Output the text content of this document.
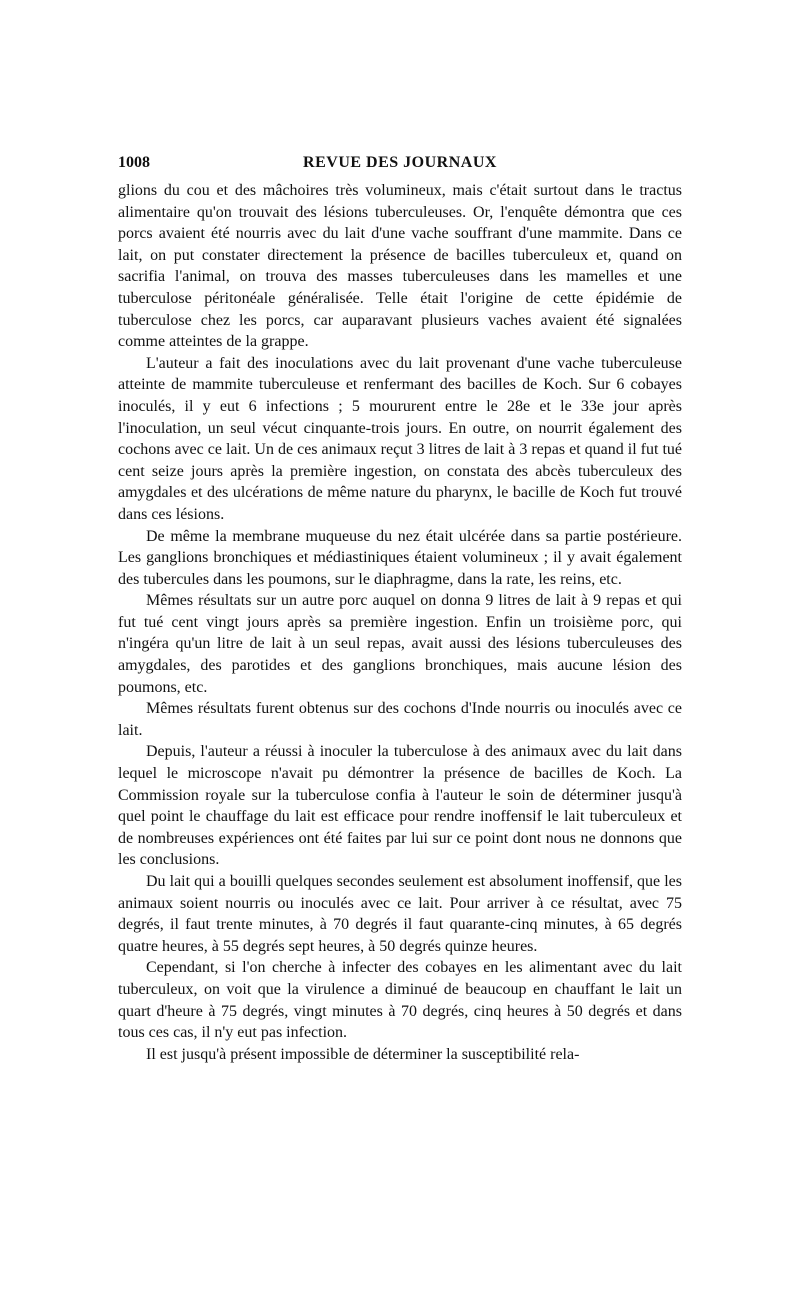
1008	REVUE DES JOURNAUX

glions du cou et des mâchoires très volumineux, mais c'était surtout dans le tractus alimentaire qu'on trouvait des lésions tuberculeuses. Or, l'enquête démontra que ces porcs avaient été nourris avec du lait d'une vache souffrant d'une mammite. Dans ce lait, on put constater directement la présence de bacilles tuberculeux et, quand on sacrifia l'animal, on trouva des masses tuberculeuses dans les mamelles et une tuberculose péritonéale généralisée. Telle était l'origine de cette épidémie de tuberculose chez les porcs, car auparavant plusieurs vaches avaient été signalées comme atteintes de la grappe.

L'auteur a fait des inoculations avec du lait provenant d'une vache tuberculeuse atteinte de mammite tuberculeuse et renfermant des bacilles de Koch. Sur 6 cobayes inoculés, il y eut 6 infections ; 5 moururent entre le 28e et le 33e jour après l'inoculation, un seul vécut cinquante-trois jours. En outre, on nourrit également des cochons avec ce lait. Un de ces animaux reçut 3 litres de lait à 3 repas et quand il fut tué cent seize jours après la première ingestion, on constata des abcès tuberculeux des amygdales et des ulcérations de même nature du pharynx, le bacille de Koch fut trouvé dans ces lésions.

De même la membrane muqueuse du nez était ulcérée dans sa partie postérieure. Les ganglions bronchiques et médiastiniques étaient volumineux ; il y avait également des tubercules dans les poumons, sur le diaphragme, dans la rate, les reins, etc.

Mêmes résultats sur un autre porc auquel on donna 9 litres de lait à 9 repas et qui fut tué cent vingt jours après sa première ingestion. Enfin un troisième porc, qui n'ingéra qu'un litre de lait à un seul repas, avait aussi des lésions tuberculeuses des amygdales, des parotides et des ganglions bronchiques, mais aucune lésion des poumons, etc.

Mêmes résultats furent obtenus sur des cochons d'Inde nourris ou inoculés avec ce lait.

Depuis, l'auteur a réussi à inoculer la tuberculose à des animaux avec du lait dans lequel le microscope n'avait pu démontrer la présence de bacilles de Koch. La Commission royale sur la tuberculose confia à l'auteur le soin de déterminer jusqu'à quel point le chauffage du lait est efficace pour rendre inoffensif le lait tuberculeux et de nombreuses expériences ont été faites par lui sur ce point dont nous ne donnons que les conclusions.

Du lait qui a bouilli quelques secondes seulement est absolument inoffensif, que les animaux soient nourris ou inoculés avec ce lait. Pour arriver à ce résultat, avec 75 degrés, il faut trente minutes, à 70 degrés il faut quarante-cinq minutes, à 65 degrés quatre heures, à 55 degrés sept heures, à 50 degrés quinze heures.

Cependant, si l'on cherche à infecter des cobayes en les alimentant avec du lait tuberculeux, on voit que la virulence a diminué de beaucoup en chauffant le lait un quart d'heure à 75 degrés, vingt minutes à 70 degrés, cinq heures à 50 degrés et dans tous ces cas, il n'y eut pas infection.

Il est jusqu'à présent impossible de déterminer la susceptibilité rela-
